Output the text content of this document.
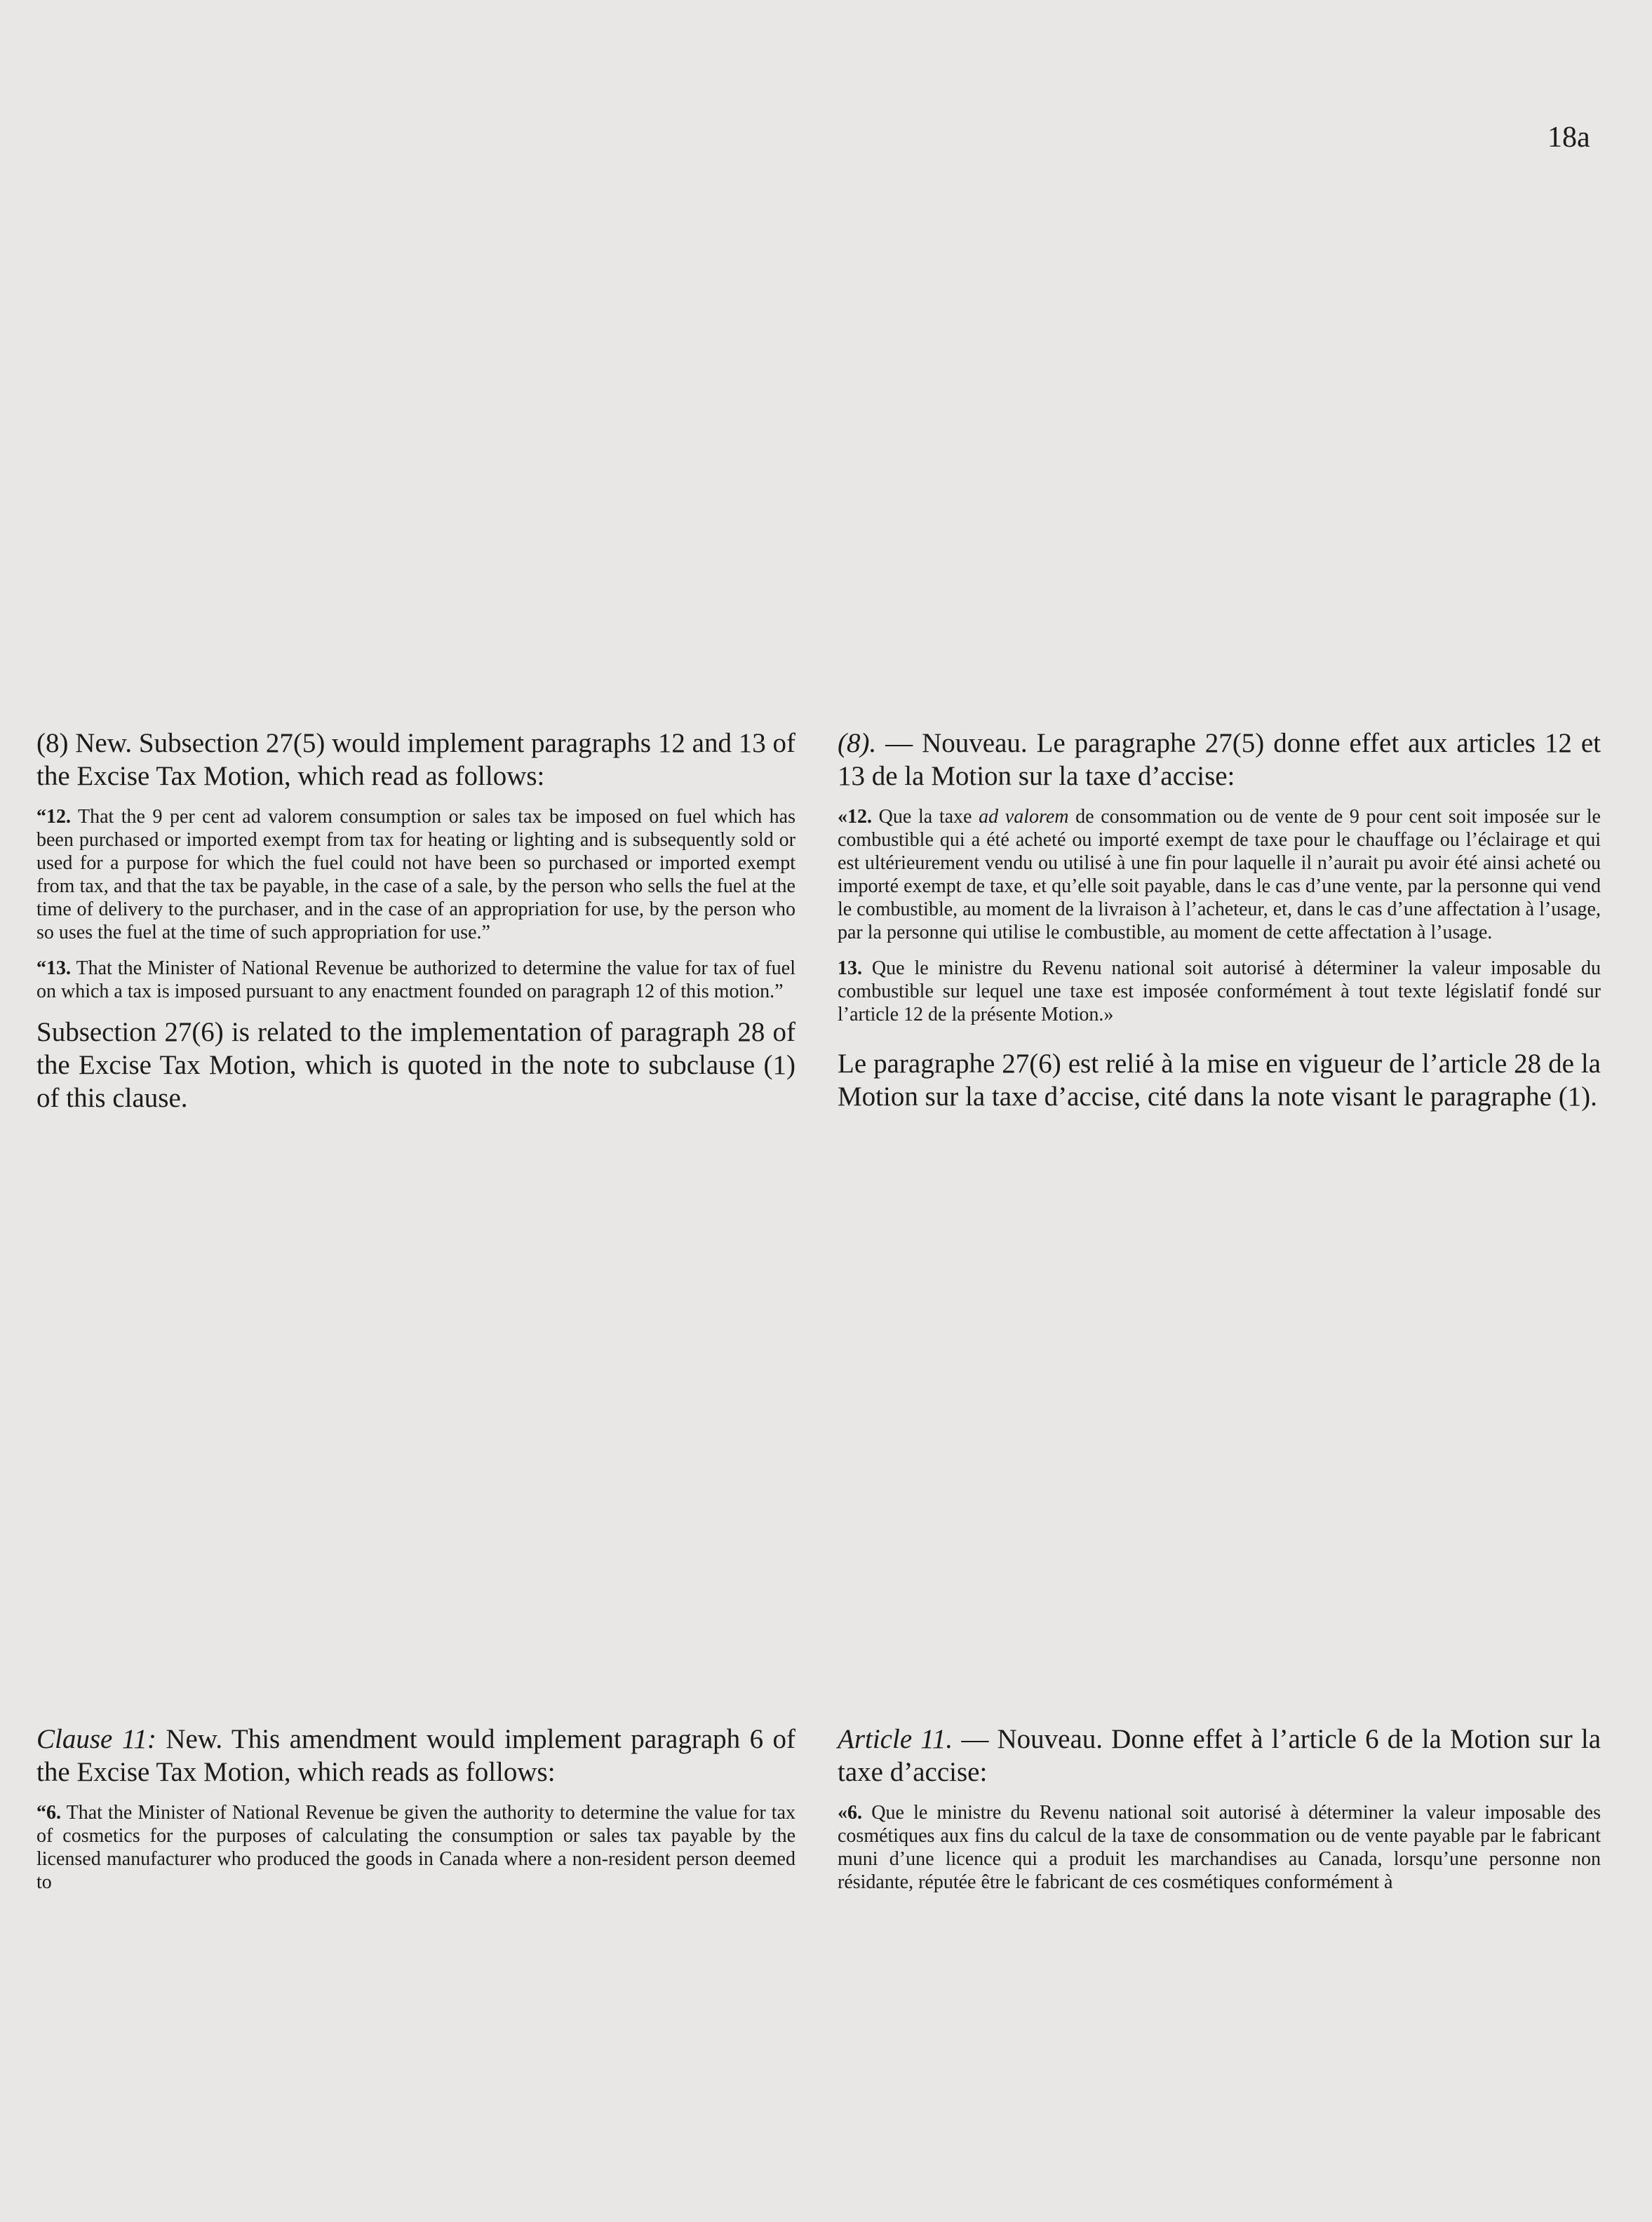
18a

(8) New. Subsection 27(5) would implement paragraphs 12 and 13 of the Excise Tax Motion, which read as follows:

“12. That the 9 per cent ad valorem consumption or sales tax be imposed on fuel which has been purchased or imported exempt from tax for heating or lighting and is subsequently sold or used for a purpose for which the fuel could not have been so purchased or imported exempt from tax, and that the tax be payable, in the case of a sale, by the person who sells the fuel at the time of delivery to the purchaser, and in the case of an appropriation for use, by the person who so uses the fuel at the time of such appropriation for use.”

“13. That the Minister of National Revenue be authorized to determine the value for tax of fuel on which a tax is imposed pursuant to any enactment founded on paragraph 12 of this motion.”

Subsection 27(6) is related to the implementation of paragraph 28 of the Excise Tax Motion, which is quoted in the note to subclause (1) of this clause.

(8). — Nouveau. Le paragraphe 27(5) donne effet aux articles 12 et 13 de la Motion sur la taxe d’accise:

«12. Que la taxe ad valorem de consommation ou de vente de 9 pour cent soit imposée sur le combustible qui a été acheté ou importé exempt de taxe pour le chauffage ou l’éclairage et qui est ultérieurement vendu ou utilisé à une fin pour laquelle il n’aurait pu avoir été ainsi acheté ou importé exempt de taxe, et qu’elle soit payable, dans le cas d’une vente, par la personne qui vend le combustible, au moment de la livraison à l’acheteur, et, dans le cas d’une affectation à l’usage, par la personne qui utilise le combustible, au moment de cette affectation à l’usage.

13. Que le ministre du Revenu national soit autorisé à déterminer la valeur imposable du combustible sur lequel une taxe est imposée conformément à tout texte législatif fondé sur l’article 12 de la présente Motion.»

Le paragraphe 27(6) est relié à la mise en vigueur de l’article 28 de la Motion sur la taxe d’accise, cité dans la note visant le paragraphe (1).

Clause 11: New. This amendment would implement paragraph 6 of the Excise Tax Motion, which reads as follows:

“6. That the Minister of National Revenue be given the authority to determine the value for tax of cosmetics for the purposes of calculating the consumption or sales tax payable by the licensed manufacturer who produced the goods in Canada where a non-resident person deemed to

Article 11. — Nouveau. Donne effet à l’article 6 de la Motion sur la taxe d’accise:

«6. Que le ministre du Revenu national soit autorisé à déterminer la valeur imposable des cosmétiques aux fins du calcul de la taxe de consommation ou de vente payable par le fabricant muni d’une licence qui a produit les marchandises au Canada, lorsqu’une personne non résidante, réputée être le fabricant de ces cosmétiques conformément à
